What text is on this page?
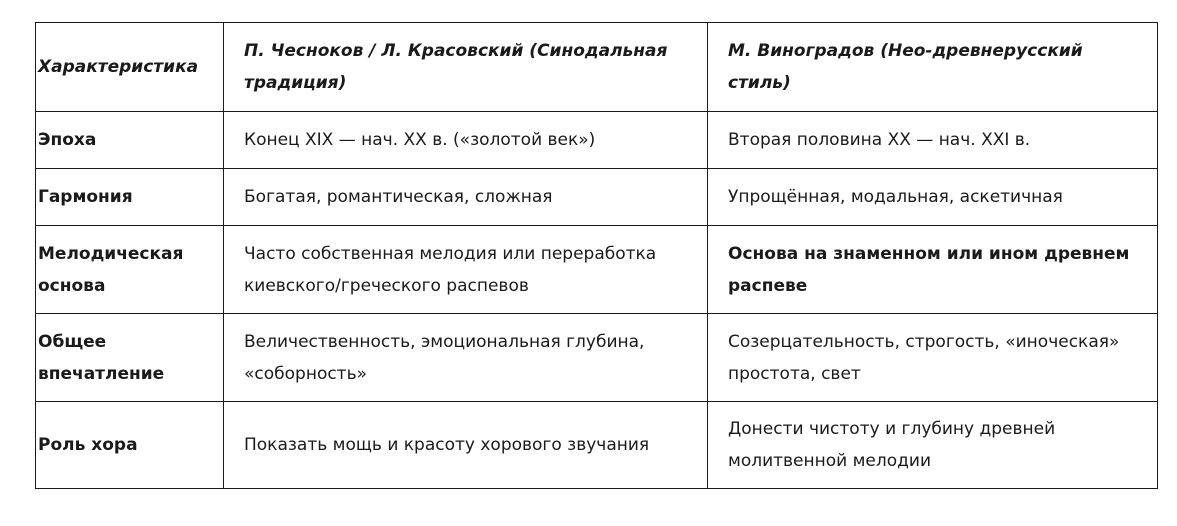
Характеристика	П. Чесноков / Л. Красовский (Синодальная традиция)	М. Виноградов (Нео-древнерусский стиль)
Эпоха	Конец XIX — нач. XX в. («золотой век»)	Вторая половина XX — нач. XXI в.
Гармония	Богатая, романтическая, сложная	Упрощённая, модальная, аскетичная
Мелодическая основа	Часто собственная мелодия или переработка киевского/греческого распевов	Основа на знаменном или ином древнем распеве
Общее впечатление	Величественность, эмоциональная глубина, «соборность»	Созерцательность, строгость, «иноческая» простота, свет
Роль хора	Показать мощь и красоту хорового звучания	Донести чистоту и глубину древней молитвенной мелодии
